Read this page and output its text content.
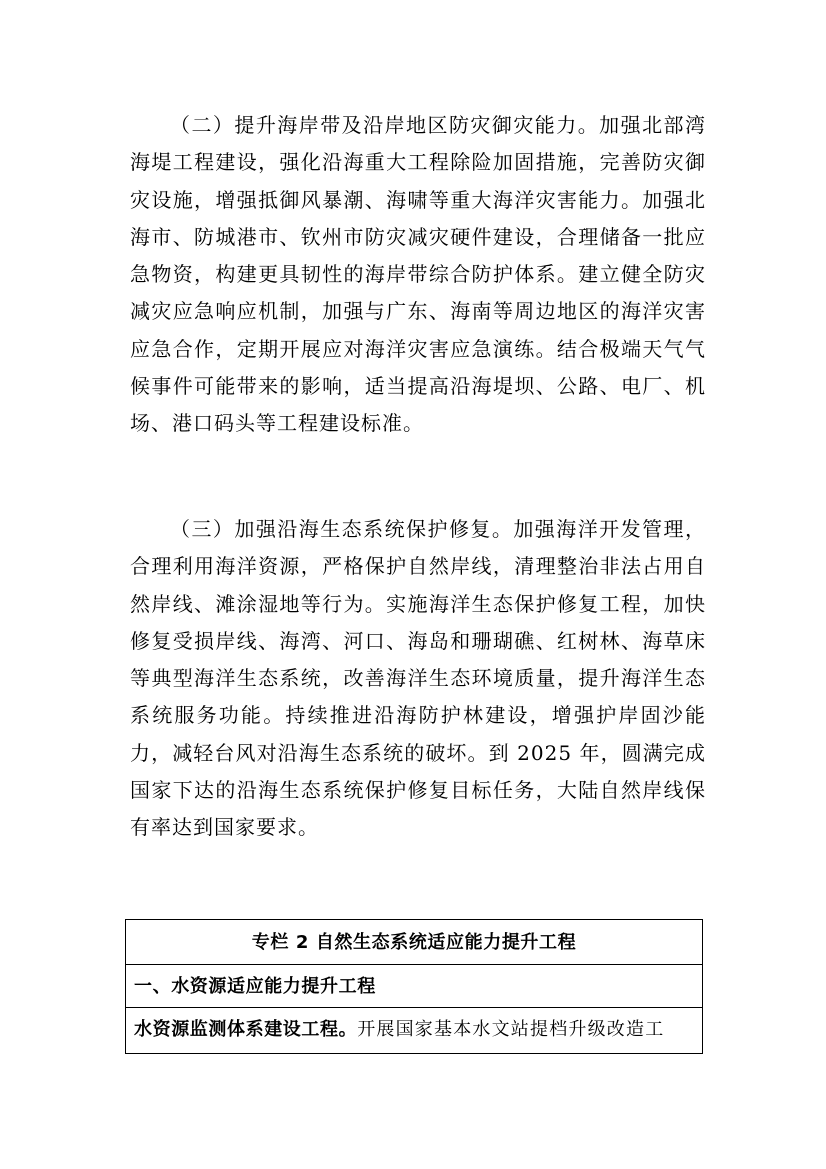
（二）提升海岸带及沿岸地区防灾御灾能力。加强北部湾海堤工程建设，强化沿海重大工程除险加固措施，完善防灾御灾设施，增强抵御风暴潮、海啸等重大海洋灾害能力。加强北海市、防城港市、钦州市防灾减灾硬件建设，合理储备一批应急物资，构建更具韧性的海岸带综合防护体系。建立健全防灾减灾应急响应机制，加强与广东、海南等周边地区的海洋灾害应急合作，定期开展应对海洋灾害应急演练。结合极端天气气候事件可能带来的影响，适当提高沿海堤坝、公路、电厂、机场、港口码头等工程建设标准。

（三）加强沿海生态系统保护修复。加强海洋开发管理，合理利用海洋资源，严格保护自然岸线，清理整治非法占用自然岸线、滩涂湿地等行为。实施海洋生态保护修复工程，加快修复受损岸线、海湾、河口、海岛和珊瑚礁、红树林、海草床等典型海洋生态系统，改善海洋生态环境质量，提升海洋生态系统服务功能。持续推进沿海防护林建设，增强护岸固沙能力，减轻台风对沿海生态系统的破坏。到 2025 年，圆满完成国家下达的沿海生态系统保护修复目标任务，大陆自然岸线保有率达到国家要求。

专栏 2 自然生态系统适应能力提升工程
一、水资源适应能力提升工程
水资源监测体系建设工程。开展国家基本水文站提档升级改造工
